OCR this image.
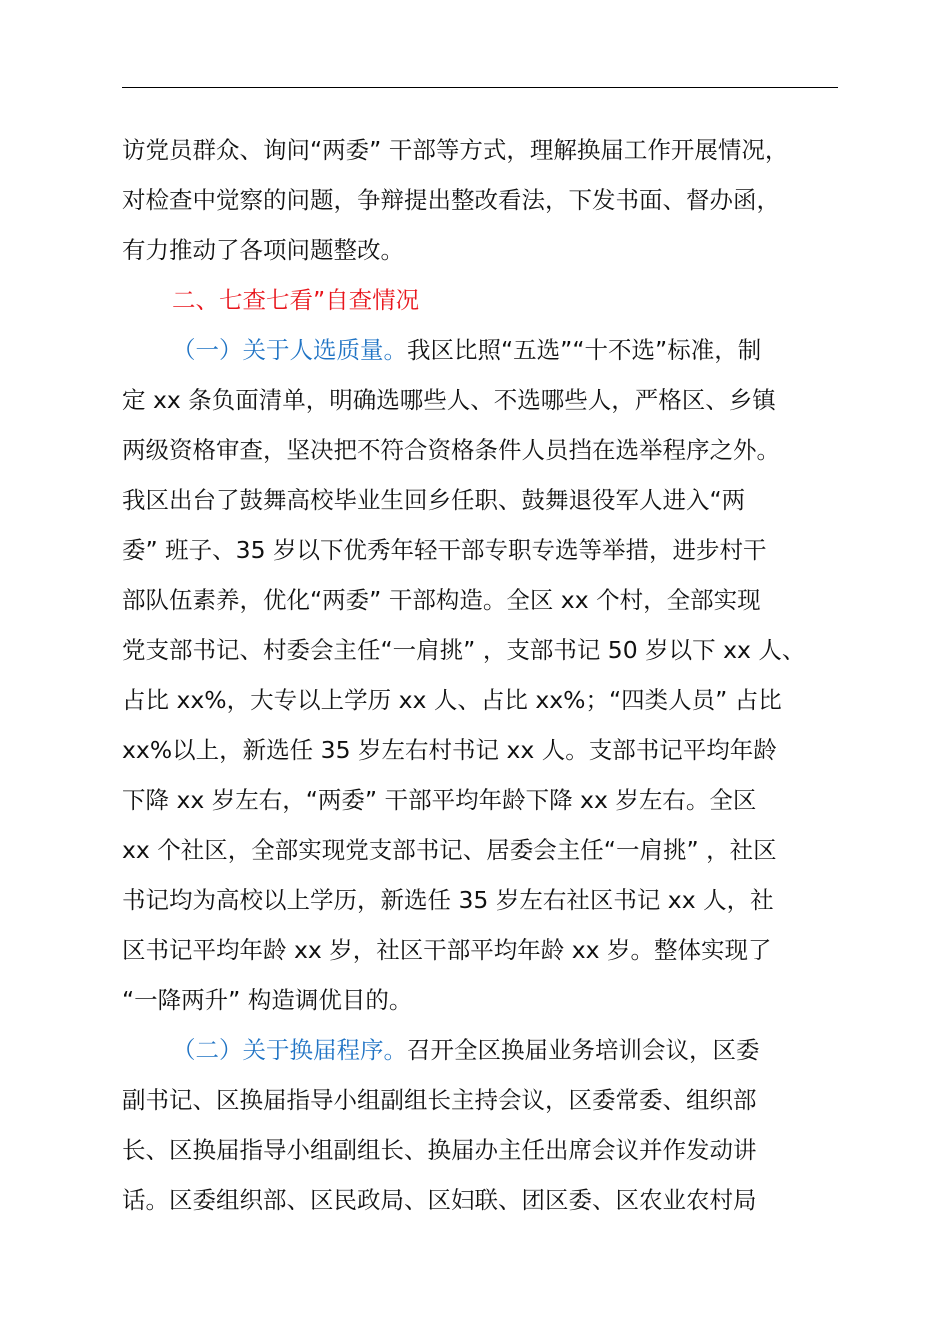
访党员群众、询问“两委” 干部等方式，理解换届工作开展情况，
对检查中觉察的问题，争辩提出整改看法，下发书面、督办函，
有力推动了各项问题整改。
二、七查七看”自查情况
（一）关于人选质量。我区比照“五选”“十不选”标准，制
定 xx 条负面清单，明确选哪些人、不选哪些人，严格区、乡镇
两级资格审查，坚决把不符合资格条件人员挡在选举程序之外。
我区出台了鼓舞高校毕业生回乡任职、鼓舞退役军人进入“两
委” 班子、35 岁以下优秀年轻干部专职专选等举措，进步村干
部队伍素养，优化“两委” 干部构造。全区 xx 个村，全部实现
党支部书记、村委会主任“一肩挑” ，支部书记 50 岁以下 xx 人、
占比 xx%，大专以上学历 xx 人、占比 xx%；“四类人员” 占比
xx%以上，新选任 35 岁左右村书记 xx 人。支部书记平均年龄
下降 xx 岁左右，“两委” 干部平均年龄下降 xx 岁左右。全区
xx 个社区，全部实现党支部书记、居委会主任“一肩挑” ，社区
书记均为高校以上学历，新选任 35 岁左右社区书记 xx 人，社
区书记平均年龄 xx 岁，社区干部平均年龄 xx 岁。整体实现了
“一降两升” 构造调优目的。
（二）关于换届程序。召开全区换届业务培训会议，区委
副书记、区换届指导小组副组长主持会议，区委常委、组织部
长、区换届指导小组副组长、换届办主任出席会议并作发动讲
话。区委组织部、区民政局、区妇联、团区委、区农业农村局
